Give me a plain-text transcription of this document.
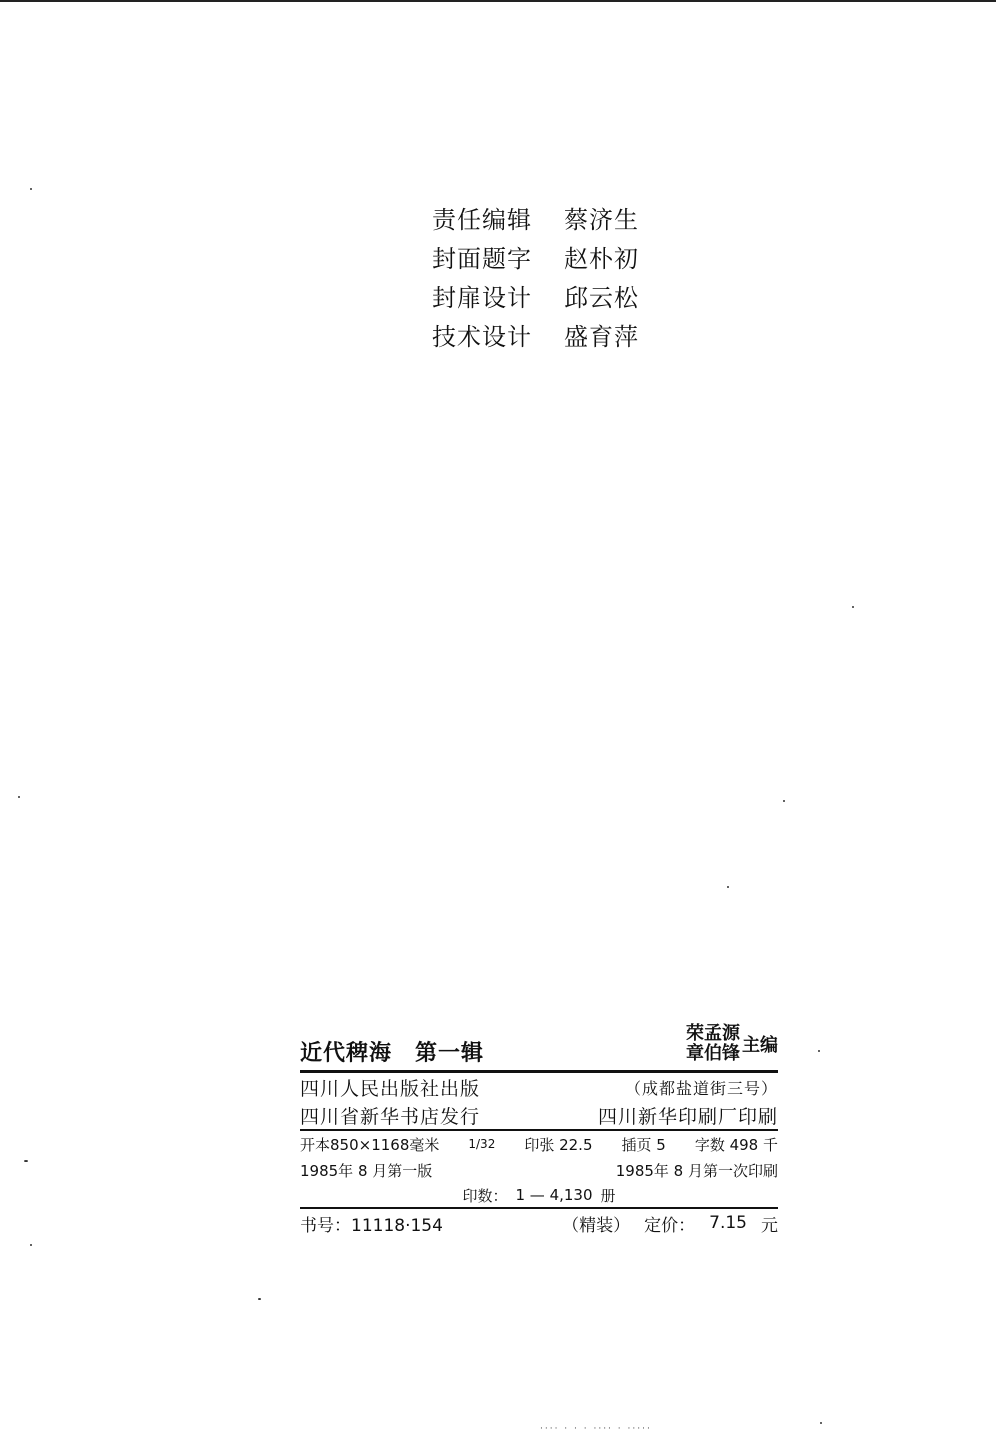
责任编辑	蔡济生
封面题字	赵朴初
封扉设计	邱云松
技术设计	盛育萍
近代稗海　第一辑
荣孟源
章伯锋 主编
四川人民出版社出版	（成都盐道街三号）
四川省新华书店发行	四川新华印刷厂印刷
开本850×1168毫米 1/32 印张 22.5 插页 5 字数 498 千
1985年 8 月第一版	1985年 8 月第一次印刷
印数： 1 — 4,130 册
书号：11118·154	（精装） 定价： 7.15 元
···· · · · ···· · ·····
